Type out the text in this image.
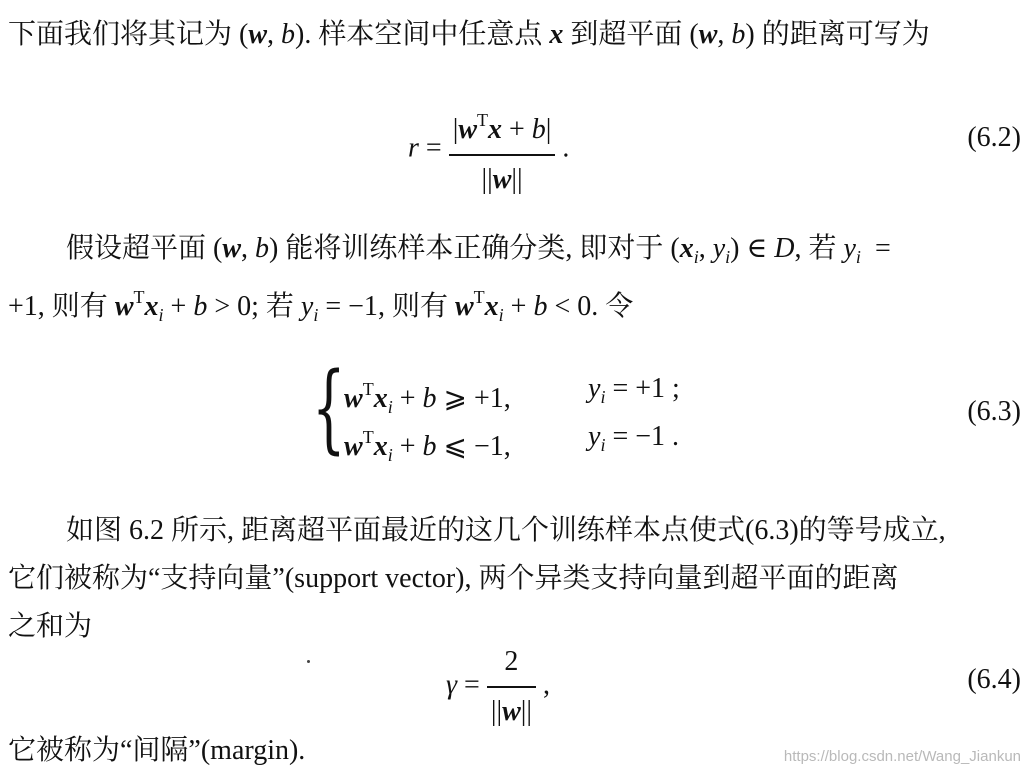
下面我们将其记为 (w, b). 样本空间中任意点 x 到超平面 (w, b) 的距离可写为
$r = \frac{|w^Tx + b|}{||w||}$ .	(6.2)
假设超平面 (w, b) 能将训练样本正确分类, 即对于 ($x_i$, $y_i$) ∈ D, 若 $y_i$  =
+1, 则有 $w^Tx_i + b > 0$; 若 $y_i = -1$, 则有 $w^Tx_i + b < 0$. 令
{
$w^Tx_i + b$ ⩾ +1,	$y_i = +1$ ;
$w^Tx_i + b$ ⩽ −1,	$y_i = -1$ .
(6.3)
如图 6.2 所示, 距离超平面最近的这几个训练样本点使式(6.3)的等号成立,
它们被称为“支持向量”(support vector), 两个异类支持向量到超平面的距离
之和为
$\gamma = \frac{2}{||w||}$ ,	(6.4)
它被称为“间隔”(margin).	https://blog.csdn.net/Wang_Jiankun
